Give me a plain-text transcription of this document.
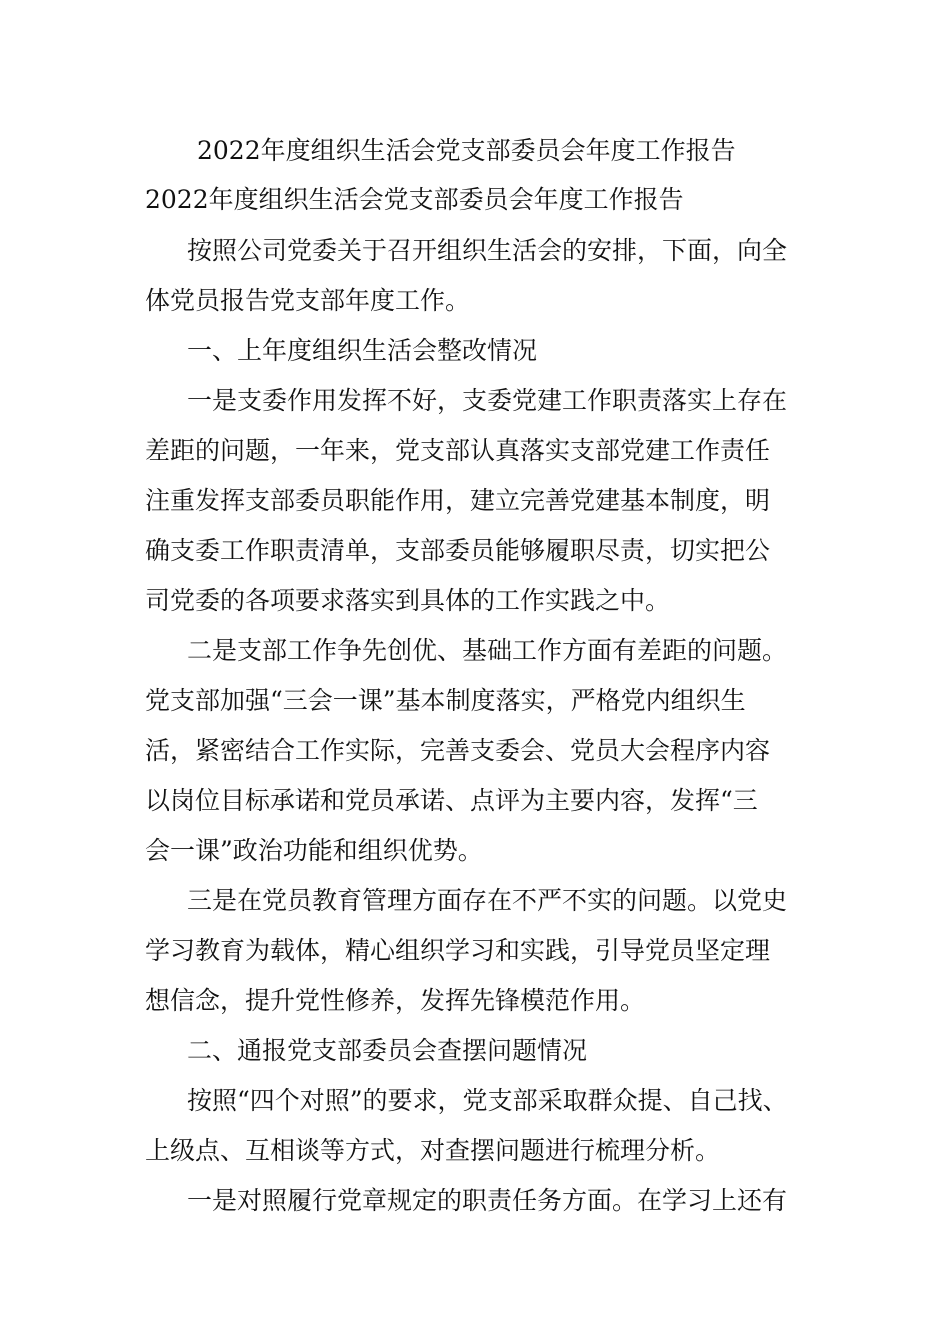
2022年度组织生活会党支部委员会年度工作报告
2022年度组织生活会党支部委员会年度工作报告
按照公司党委关于召开组织生活会的安排，下面，向全
体党员报告党支部年度工作。
一、上年度组织生活会整改情况
一是支委作用发挥不好，支委党建工作职责落实上存在
差距的问题，一年来，党支部认真落实支部党建工作责任
注重发挥支部委员职能作用，建立完善党建基本制度，明
确支委工作职责清单，支部委员能够履职尽责，切实把公
司党委的各项要求落实到具体的工作实践之中。
二是支部工作争先创优、基础工作方面有差距的问题。
党支部加强“三会一课”基本制度落实，严格党内组织生
活，紧密结合工作实际，完善支委会、党员大会程序内容
以岗位目标承诺和党员承诺、点评为主要内容，发挥“三
会一课”政治功能和组织优势。
三是在党员教育管理方面存在不严不实的问题。以党史
学习教育为载体，精心组织学习和实践，引导党员坚定理
想信念，提升党性修养，发挥先锋模范作用。
二、通报党支部委员会查摆问题情况
按照“四个对照”的要求，党支部采取群众提、自己找、
上级点、互相谈等方式，对查摆问题进行梳理分析。
一是对照履行党章规定的职责任务方面。在学习上还有
